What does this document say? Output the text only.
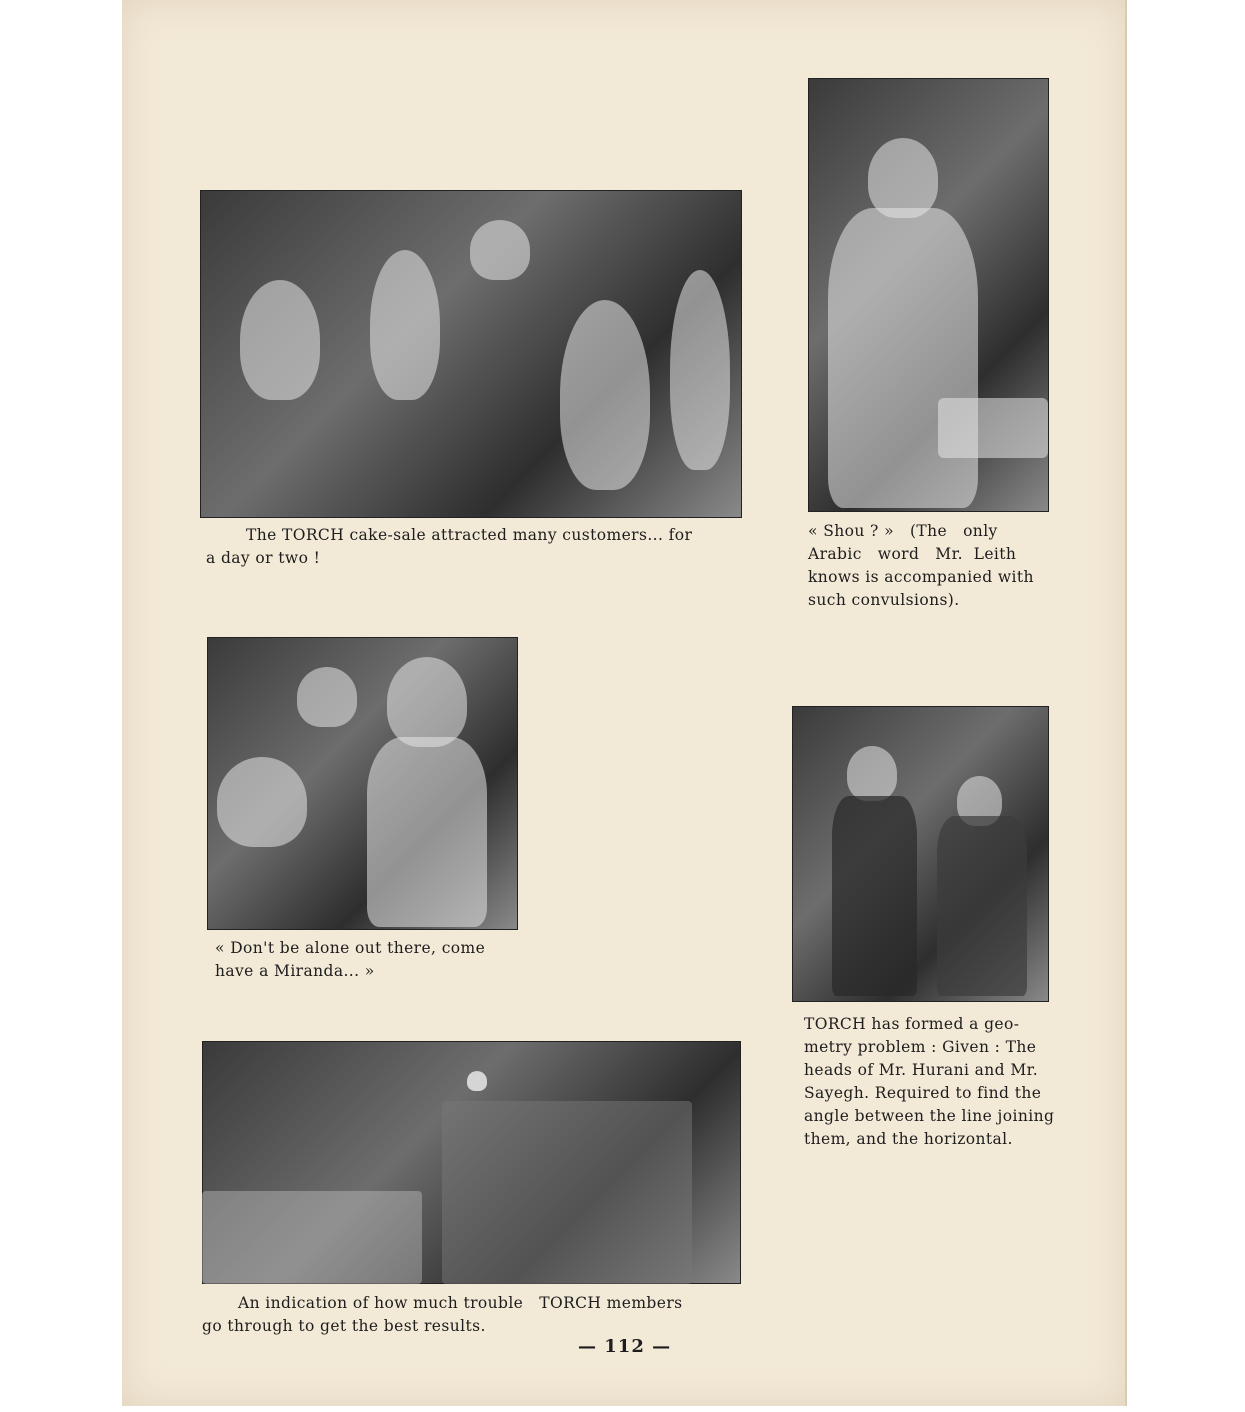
The TORCH cake-sale attracted many customers... for

a day or two !

« Shou ? »   (The   only

Arabic   word   Mr.  Leith

knows is accompanied with

such convulsions).

« Don't be alone out there, come

have a Miranda... »

TORCH has formed a geo-

metry problem : Given : The

heads of Mr. Hurani and Mr.

Sayegh. Required to find the

angle between the line joining

them, and the horizontal.

An indication of how much trouble   TORCH members

go through to get the best results.

— 112 —
